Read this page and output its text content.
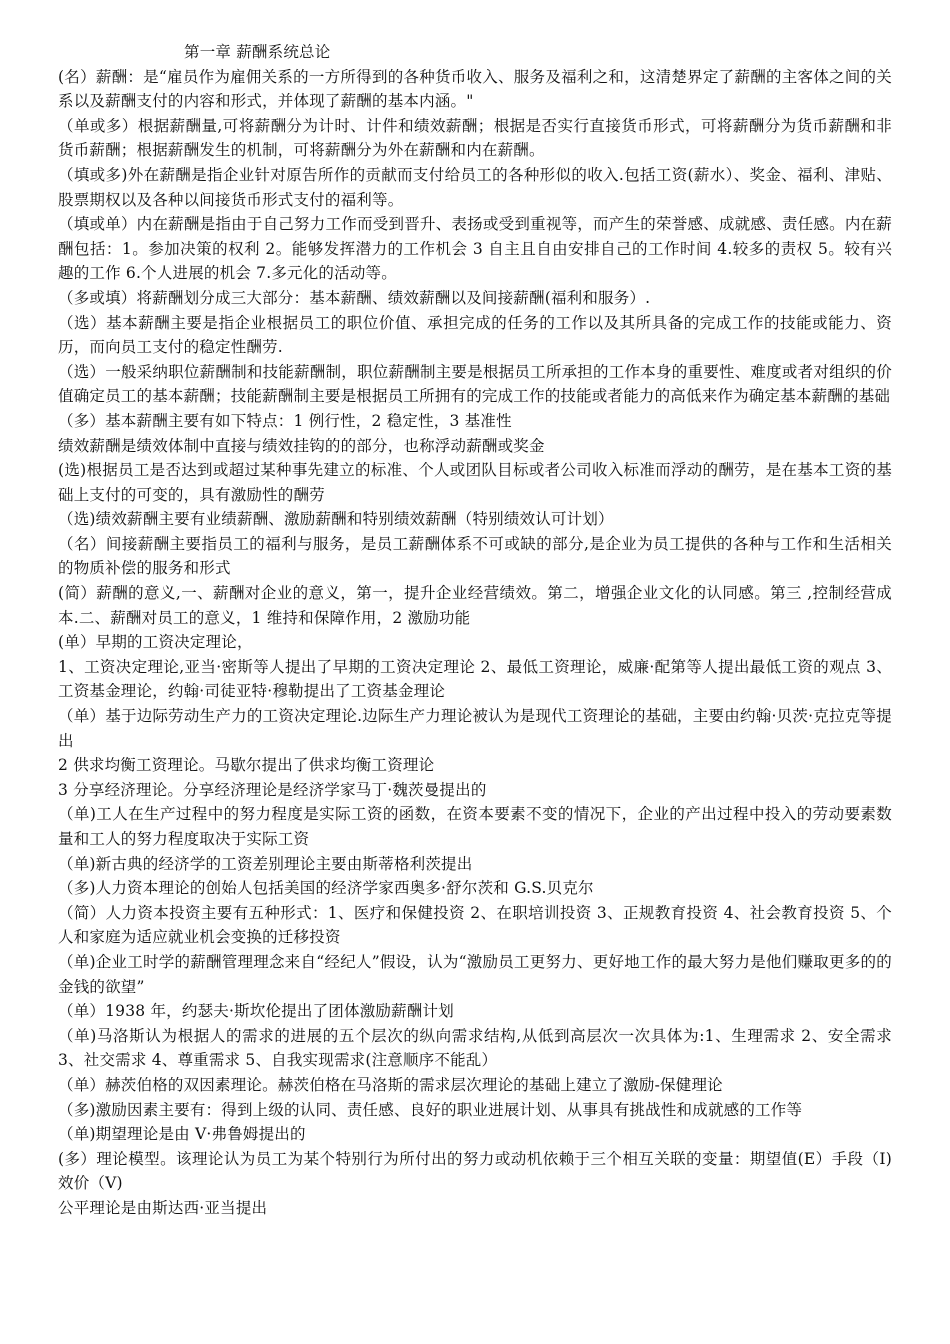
第一章 薪酬系统总论

(名）薪酬：是“雇员作为雇佣关系的一方所得到的各种货币收入、服务及福利之和，这清楚界定了薪酬的主客体之间的关系以及薪酬支付的内容和形式，并体现了薪酬的基本内涵。"

（单或多）根据薪酬量,可将薪酬分为计时、计件和绩效薪酬；根据是否实行直接货币形式，可将薪酬分为货币薪酬和非货币薪酬；根据薪酬发生的机制，可将薪酬分为外在薪酬和内在薪酬。

（填或多)外在薪酬是指企业针对原告所作的贡献而支付给员工的各种形似的收入.包括工资(薪水）、奖金、福利、津贴、股票期权以及各种以间接货币形式支付的福利等。

（填或单）内在薪酬是指由于自己努力工作而受到晋升、表扬或受到重视等，而产生的荣誉感、成就感、责任感。内在薪酬包括：1。参加决策的权利 2。能够发挥潜力的工作机会 3 自主且自由安排自己的工作时间 4.较多的责权 5。较有兴趣的工作 6.个人进展的机会 7.多元化的活动等。

（多或填）将薪酬划分成三大部分：基本薪酬、绩效薪酬以及间接薪酬(福利和服务）.

（选）基本薪酬主要是指企业根据员工的职位价值、承担完成的任务的工作以及其所具备的完成工作的技能或能力、资历，而向员工支付的稳定性酬劳.

（选）一般采纳职位薪酬制和技能薪酬制，职位薪酬制主要是根据员工所承担的工作本身的重要性、难度或者对组织的价值确定员工的基本薪酬；技能薪酬制主要是根据员工所拥有的完成工作的技能或者能力的高低来作为确定基本薪酬的基础

（多）基本薪酬主要有如下特点：1 例行性，2 稳定性，3 基准性

绩效薪酬是绩效体制中直接与绩效挂钩的的部分，也称浮动薪酬或奖金

(选)根据员工是否达到或超过某种事先建立的标准、个人或团队目标或者公司收入标准而浮动的酬劳，是在基本工资的基础上支付的可变的，具有激励性的酬劳

（选)绩效薪酬主要有业绩薪酬、激励薪酬和特别绩效薪酬（特别绩效认可计划）

（名）间接薪酬主要指员工的福利与服务，是员工薪酬体系不可或缺的部分,是企业为员工提供的各种与工作和生活相关的物质补偿的服务和形式

(简）薪酬的意义,一、薪酬对企业的意义，第一，提升企业经营绩效。第二，增强企业文化的认同感。第三 ,控制经营成本.二、薪酬对员工的意义，1 维持和保障作用，2 激励功能

(单）早期的工资决定理论，

1、工资决定理论,亚当·密斯等人提出了早期的工资决定理论 2、最低工资理论，威廉·配第等人提出最低工资的观点 3、工资基金理论，约翰·司徒亚特·穆勒提出了工资基金理论

（单）基于边际劳动生产力的工资决定理论.边际生产力理论被认为是现代工资理论的基础，主要由约翰·贝茨·克拉克等提出

2 供求均衡工资理论。马歇尔提出了供求均衡工资理论

3 分享经济理论。分享经济理论是经济学家马丁·魏茨曼提出的

（单)工人在生产过程中的努力程度是实际工资的函数，在资本要素不变的情况下，企业的产出过程中投入的劳动要素数量和工人的努力程度取决于实际工资

（单)新古典的经济学的工资差别理论主要由斯蒂格利茨提出

（多)人力资本理论的创始人包括美国的经济学家西奥多·舒尔茨和 G.S.贝克尔

（简）人力资本投资主要有五种形式：1、医疗和保健投资 2、在职培训投资 3、正规教育投资 4、社会教育投资 5、个人和家庭为适应就业机会变换的迁移投资

（单)企业工时学的薪酬管理理念来自“经纪人”假设，认为“激励员工更努力、更好地工作的最大努力是他们赚取更多的的金钱的欲望”

（单）1938 年，约瑟夫·斯坎伦提出了团体激励薪酬计划

（单)马洛斯认为根据人的需求的进展的五个层次的纵向需求结构,从低到高层次一次具体为:1、生理需求 2、安全需求 3、社交需求 4、尊重需求 5、自我实现需求(注意顺序不能乱）

（单）赫茨伯格的双因素理论。赫茨伯格在马洛斯的需求层次理论的基础上建立了激励-保健理论

（多)激励因素主要有：得到上级的认同、责任感、良好的职业进展计划、从事具有挑战性和成就感的工作等

（单)期望理论是由 V·弗鲁姆提出的

(多）理论模型。该理论认为员工为某个特别行为所付出的努力或动机依赖于三个相互关联的变量：期望值(E）手段（I)效价（V)

公平理论是由斯达西·亚当提出
